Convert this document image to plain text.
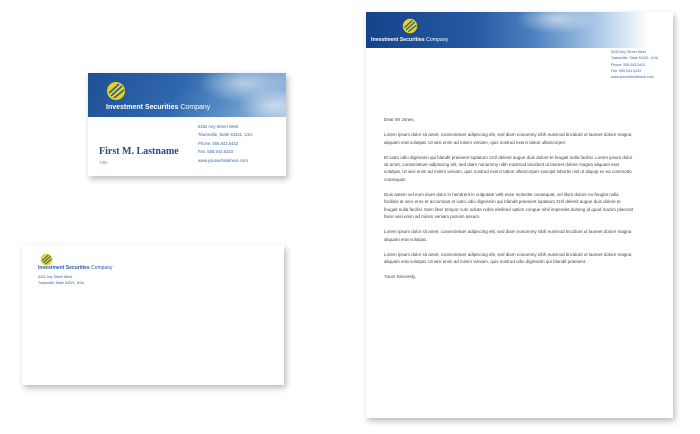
Investment Securities Company
First M. Lastname
Title
5432 Any Street West
Townsville, State 54321, USA
Phone: 555.543.5432
Fax: 555.543.5433
www.yourwebsitehere.com
Investment Securities Company
5432 Any Street West
Townsville, State 54321, USA
Investment Securities Company
5432 Any Street West
Townsville, State 54321, USA
Phone: 555.543.5432
Fax: 555.543.5433
www.yourwebsitehere.com

Dear Mr Jones,

Lorem ipsum dolor sit amet, consectetuer adipiscing elit, sed diam nonummy nibh euismod tincidunt ut laoreet dolore magna aliquam erat volutpat. Ut wisi enim ad minim veniam, quis nostrud exerci tation ullamcorper.

Et iusto odio dignissim qui blandit praesent luptatum zzril delenit augue duis dolore te feugait nulla facilisi. Lorem ipsum dolor sit amet, consectetuer adipiscing elit, sed diam nonummy nibh euismod tincidunt ut laoreet dolore magna aliquam erat volutpat. Ut wisi enim ad minim veniam, quis nostrud exerci tation ullamcorper suscipit lobortis nisl ut aliquip ex ea commodo consequat.

Duis autem vel eum iriure dolor in hendrerit in vulputate velit esse molestie consequat, vel illum dolore eu feugiat nulla facilisis at vero eros et accumsan et iusto odio dignissim qui blandit praesent luptatum zzril delenit augue duis dolore te feugait nulla facilisi. Nam liber tempor cum soluta nobis eleifend option congue nihil imperdiet doming id quod mazim placerat facer wisi enim ad minim veniam possim assum.

Lorem ipsum dolor sit amet, consectetuer adipiscing elit, sed diam nonummy nibh euismod tincidunt ut laoreet dolore magna aliquam erat volutpat.

Lorem ipsum dolor sit amet, consectetuer adipiscing elit, sed diam nonummy nibh euismod tincidunt ut laoreet dolore magna aliquam erat volutpat. Ut wisi enim ad minim veniam, quis nostrud odio dignissim qui blandit praesent.

Yours Sincerely,
